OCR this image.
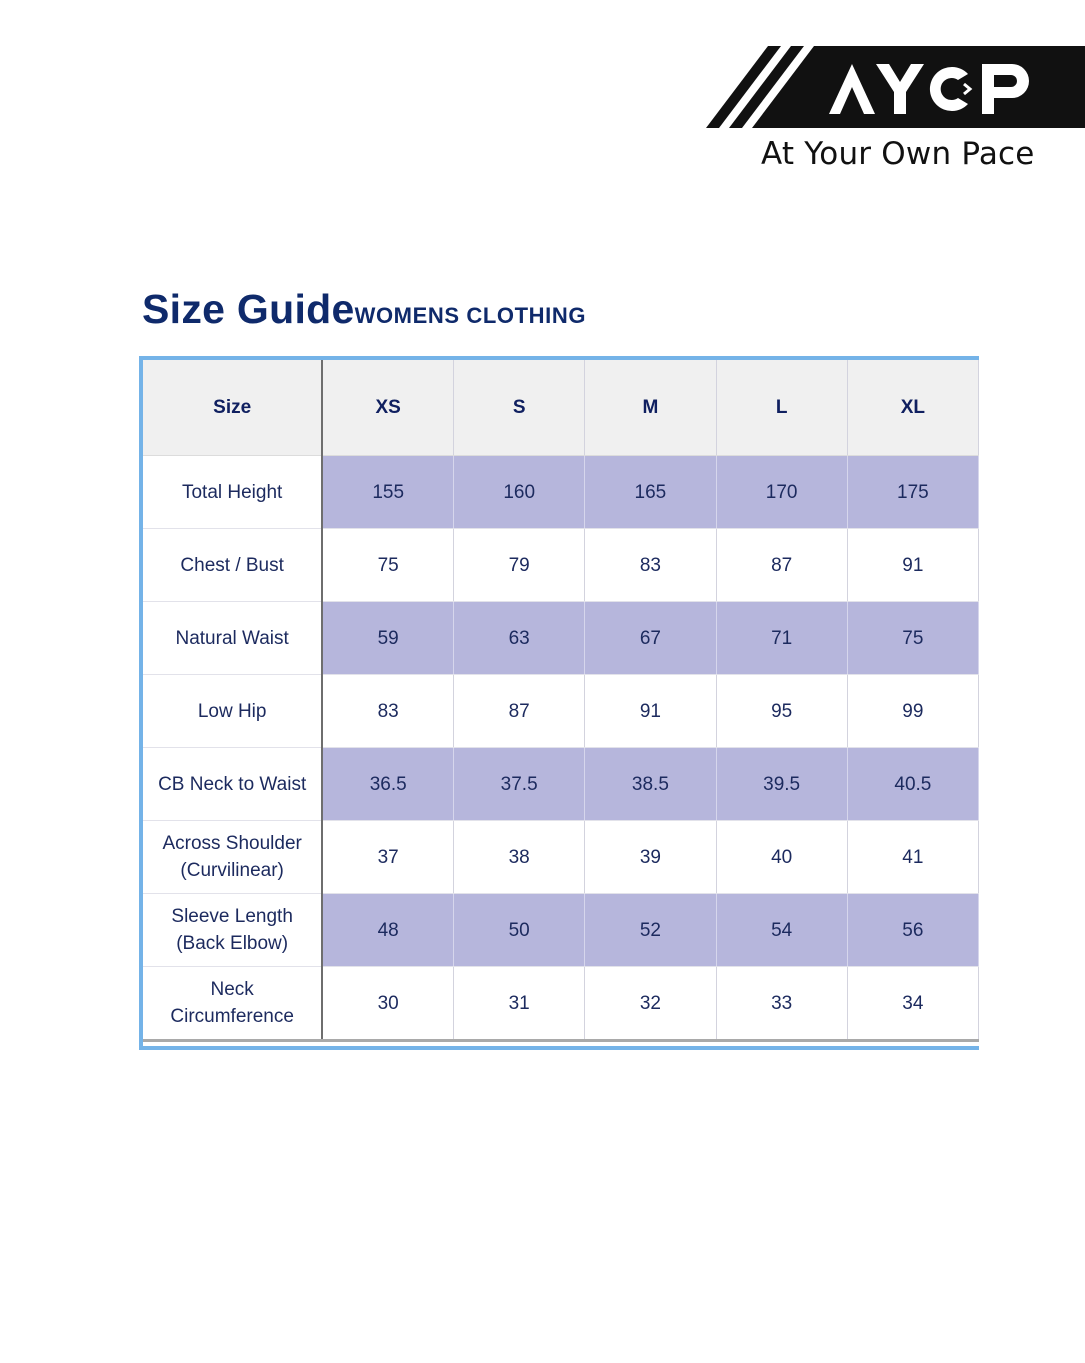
At Your Own Pace
Size GuideWOMENS CLOTHING
Size	XS	S	M	L	XL
Total Height	155	160	165	170	175
Chest / Bust	75	79	83	87	91
Natural Waist	59	63	67	71	75
Low Hip	83	87	91	95	99
CB Neck to Waist	36.5	37.5	38.5	39.5	40.5
Across Shoulder
(Curvilinear)	37	38	39	40	41
Sleeve Length
(Back Elbow)	48	50	52	54	56
Neck
Circumference	30	31	32	33	34
